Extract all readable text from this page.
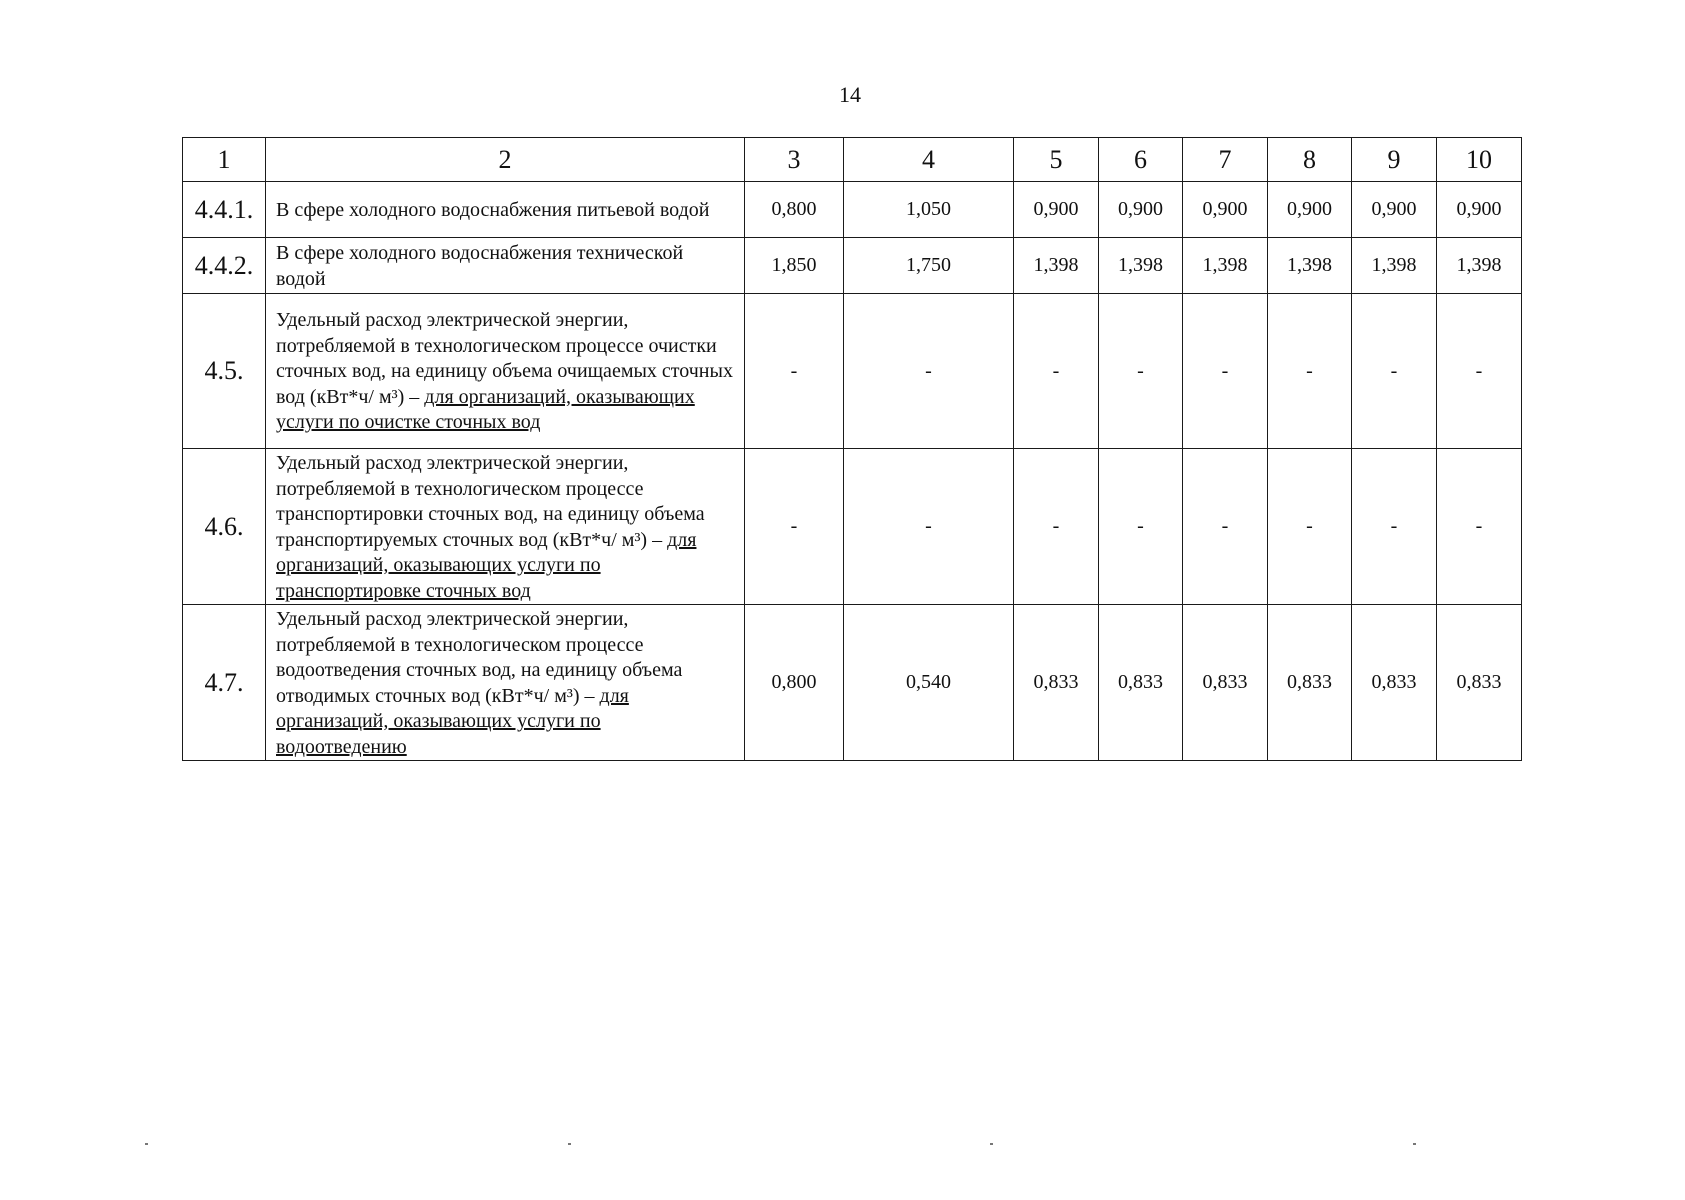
14
1	2	3	4	5	6	7	8	9	10
4.4.1.	В сфере холодного водоснабжения питьевой водой	0,800	1,050	0,900	0,900	0,900	0,900	0,900	0,900
4.4.2.	В сфере холодного водоснабжения технической водой	1,850	1,750	1,398	1,398	1,398	1,398	1,398	1,398
4.5.	Удельный расход электрической энергии, потребляемой в технологическом процессе очистки сточных вод, на единицу объема очищаемых сточных вод (кВт*ч/ м³) – для организаций, оказывающих услуги по очистке сточных вод	-	-	-	-	-	-	-	-
4.6.	Удельный расход электрической энергии, потребляемой в технологическом процессе транспортировки сточных вод, на единицу объема транспортируемых сточных вод (кВт*ч/ м³) – для организаций, оказывающих услуги по транспортировке сточных вод	-	-	-	-	-	-	-	-
4.7.	Удельный расход электрической энергии, потребляемой в технологическом процессе водоотведения сточных вод, на единицу объема отводимых сточных вод (кВт*ч/ м³) – для организаций, оказывающих услуги по водоотведению	0,800	0,540	0,833	0,833	0,833	0,833	0,833	0,833
